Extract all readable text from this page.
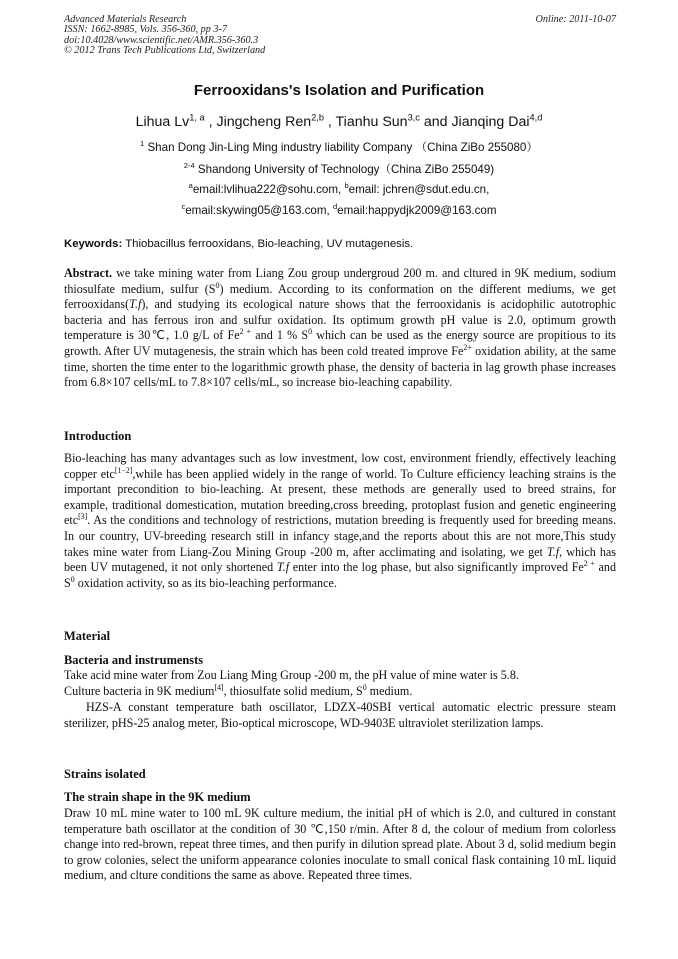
Advanced Materials Research
ISSN: 1662-8985, Vols. 356-360, pp 3-7
doi:10.4028/www.scientific.net/AMR.356-360.3
© 2012 Trans Tech Publications Ltd, Switzerland
Online: 2011-10-07
Ferrooxidans's Isolation and Purification
Lihua Lv$^{1, a}$ , Jingcheng Ren$^{2,b}$ , Tianhu Sun$^{3,c}$ and Jianqing Dai$^{4,d}$
$^1$ Shan Dong Jin-Ling Ming industry liability Company （China ZiBo 255080）
$^{2-4}$ Shandong University of Technology（China ZiBo 255049)
$^a$email:lvlihua222@sohu.com, $^b$email: jchren@sdut.edu.cn,
$^c$email:skywing05@163.com, $^d$email:happydjk2009@163.com
Keywords: Thiobacillus ferrooxidans, Bio-leaching, UV mutagenesis.

Abstract. we take mining water from Liang Zou group undergroud 200 m. and cltured in 9K medium, sodium thiosulfate medium, sulfur $(S^0)$ medium. According to its conformation on the different mediums, we get ferrooxidans(T.f), and studying its ecological nature shows that the ferrooxidanis is acidophilic autotrophic bacteria and has ferrous iron and sulfur oxidation. Its optimum growth pH value is 2.0, optimum growth temperature is 30℃, 1.0 g/L of $Fe^{2 +}$ and 1 % $S^0$ which can be used as the energy source are propitious to its growth. After UV mutagenesis, the strain which has been cold treated improve $Fe^{2+}$ oxidation ability, at the same time, shorten the time enter to the logarithmic growth phase, the density of bacteria in lag growth phase increases from 6.8×107 cells/mL to 7.8×107 cells/mL, so increase bio-leaching capability.

Introduction

Bio-leaching has many advantages such as low investment, low cost, environment friendly, effectively leaching copper etc[1−2],while has been applied widely in the range of world. To Culture efficiency leaching strains is the important precondition to bio-leaching. At present, these methods are generally used to breed strains, for example, traditional domestication, mutation breeding,cross breeding, protoplast fusion and genetic engineering etc[3]. As the conditions and technology of restrictions, mutation breeding is frequently used for breeding means. In our country, UV-breeding research still in infancy stage,and the reports about this are not more,This study takes mine water from Liang-Zou Mining Group -200 m, after acclimating and isolating, we get T.f, which has been UV mutagened, it not only shortened T.f enter into the log phase, but also significantly improved $Fe^{2 +}$ and $S^0$ oxidation activity, so as its bio-leaching performance.

Material
Bacteria and instrumensts

Take acid mine water from Zou Liang Ming Group -200 m, the pH value of mine water is 5.8.
Culture bacteria in 9K medium[4], thiosulfate solid medium, $S^0$ medium.

HZS-A constant temperature bath oscillator, LDZX-40SBI vertical automatic electric pressure steam sterilizer, pHS-25 analog meter, Bio-optical microscope, WD-9403E ultraviolet sterilization lamps.

Strains isolated
The strain shape in the 9K medium

Draw 10 mL mine water to 100 mL 9K culture medium, the initial pH of which is 2.0, and cultured in constant temperature bath oscillator at the condition of 30 ℃,150 r/min. After 8 d, the colour of medium from colorless change into red-brown, repeat three times, and then purify in dilution spread plate. About 3 d, solid medium begin to grow colonies, select the uniform appearance colonies inoculate to small conical flask containing 10 mL liquid medium, and clture conditions the same as above. Repeated three times.
